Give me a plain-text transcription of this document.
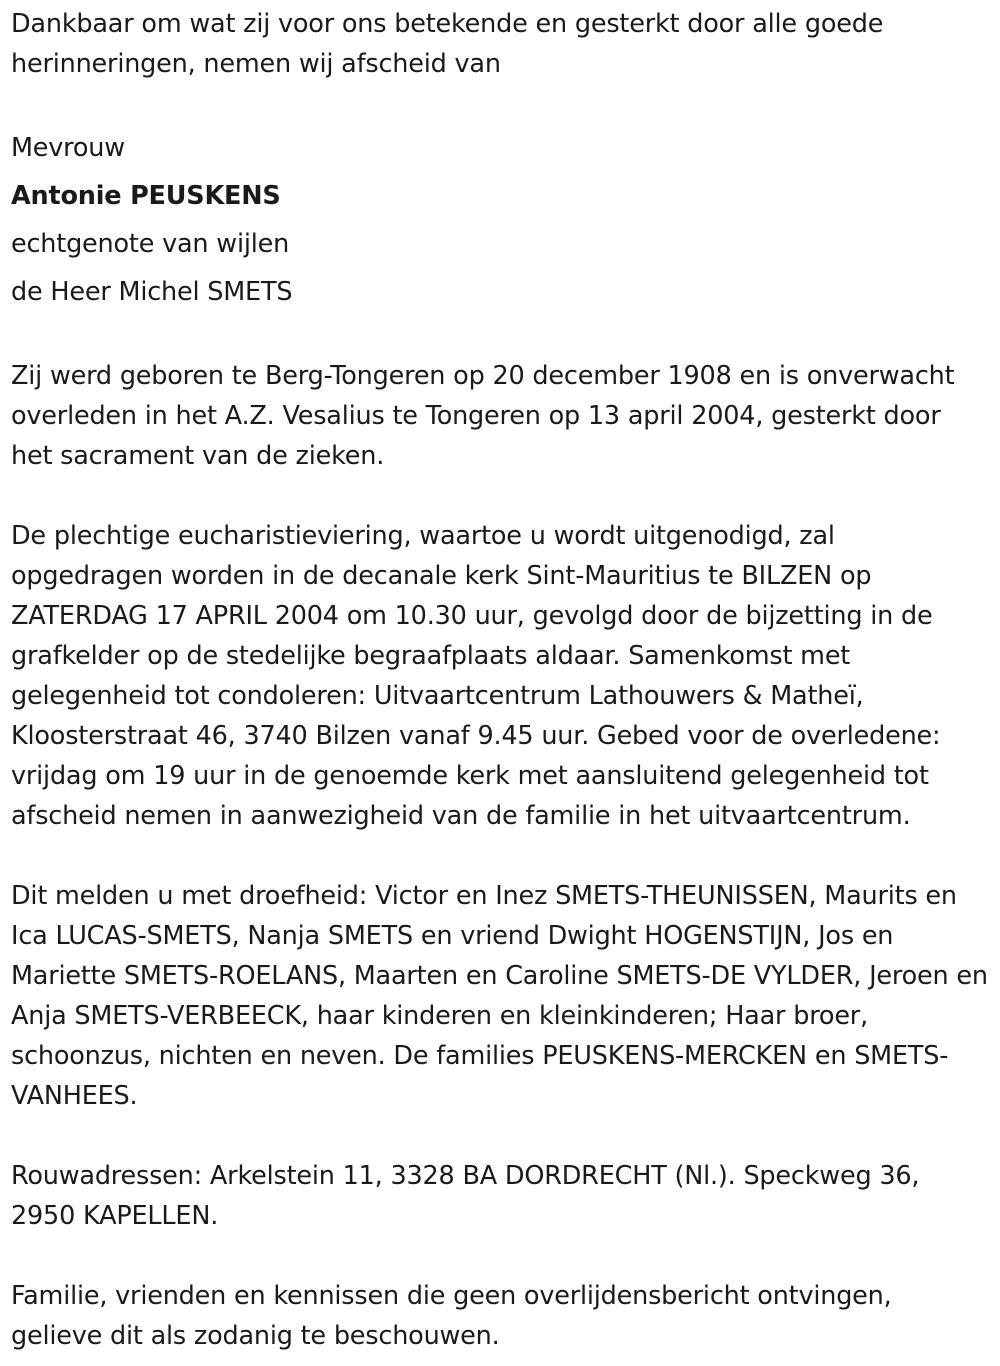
Dankbaar om wat zij voor ons betekende en gesterkt door alle goede herinneringen, nemen wij afscheid van

Mevrouw

Antonie PEUSKENS

echtgenote van wijlen

de Heer Michel SMETS

Zij werd geboren te Berg-Tongeren op 20 december 1908 en is onverwacht overleden in het A.Z. Vesalius te Tongeren op 13 april 2004, gesterkt door het sacrament van de zieken.

De plechtige eucharistieviering, waartoe u wordt uitgenodigd, zal opgedragen worden in de decanale kerk Sint-Mauritius te BILZEN op ZATERDAG 17 APRIL 2004 om 10.30 uur, gevolgd door de bijzetting in de grafkelder op de stedelijke begraafplaats aldaar. Samenkomst met gelegenheid tot condoleren: Uitvaartcentrum Lathouwers & Matheï, Kloosterstraat 46, 3740 Bilzen vanaf 9.45 uur. Gebed voor de overledene: vrijdag om 19 uur in de genoemde kerk met aansluitend gelegenheid tot afscheid nemen in aanwezigheid van de familie in het uitvaartcentrum.

Dit melden u met droefheid: Victor en Inez SMETS-THEUNISSEN, Maurits en Ica LUCAS-SMETS, Nanja SMETS en vriend Dwight HOGENSTIJN, Jos en Mariette SMETS-ROELANS, Maarten en Caroline SMETS-DE VYLDER, Jeroen en Anja SMETS-VERBEECK, haar kinderen en kleinkinderen; Haar broer, schoonzus, nichten en neven. De families PEUSKENS-MERCKEN en SMETS-VANHEES.

Rouwadressen: Arkelstein 11, 3328 BA DORDRECHT (Nl.). Speckweg 36, 2950 KAPELLEN.

Familie, vrienden en kennissen die geen overlijdensbericht ontvingen, gelieve dit als zodanig te beschouwen.
